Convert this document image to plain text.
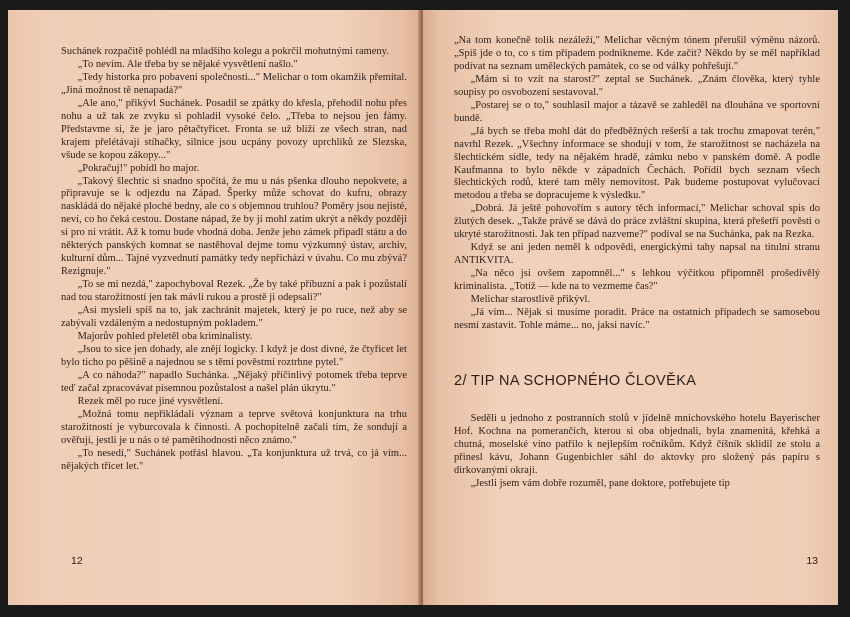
Suchánek rozpačitě pohlédl na mladšího kolegu a pokrčil mohutnými rameny.

„To nevím. Ale třeba by se nějaké vysvětlení našlo."

„Tedy historka pro pobavení společnosti..." Melichar o tom okamžik přemítal. „Jiná možnost tě nenapadá?"

„Ale ano," přikývl Suchánek. Posadil se zpátky do křesla, přehodil nohu přes nohu a už tak ze zvyku si pohladil vysoké čelo. „Třeba to nejsou jen fámy. Představme si, že je jaro pětačtyřicet. Fronta se už blíží ze všech stran, nad krajem přelétávají stíhačky, silnice jsou ucpány povozy uprchlíků ze Slezska, všude se kopou zákopy..."

„Pokračuj!" pobídl ho major.

„Takový šlechtic si snadno spočítá, že mu u nás pšenka dlouho nepokvete, a připravuje se k odjezdu na Západ. Šperky může schovat do kufru, obrazy naskládá do nějaké ploché bedny, ale co s objemnou truhlou? Poměry jsou nejisté, neví, co ho čeká cestou. Dostane nápad, že by jí mohl zatím ukrýt a někdy později si pro ni vrátit. Až k tomu bude vhodná doba. Jenže jeho zámek připadl státu a do některých panských komnat se nastěhoval dejme tomu výzkumný ústav, archiv, kulturní dům... Tajné vyzvednutí památky tedy nepřichází v úvahu. Co mu zbývá? Rezignuje."

„To se mi nezdá," zapochyboval Rezek. „Že by také příbuzní a pak i pozůstalí nad tou starožitností jen tak mávli rukou a prostě ji odepsali?"

„Asi mysleli spíš na to, jak zachránit majetek, který je po ruce, než aby se zabývali vzdáleným a nedostupným pokladem."

Majorův pohled přeletěl oba kriminalisty.

„Jsou to sice jen dohady, ale znějí logicky. I když je dost divné, že čtyřicet let bylo ticho po pěšině a najednou se s těmi pověstmi roztrhne pytel."

„A co náhoda?" napadlo Suchánka. „Nějaký příčinlivý potomek třeba teprve teď začal zpracovávat písemnou pozůstalost a našel plán úkrytu."

Rezek měl po ruce jiné vysvětlení.

„Možná tomu nepřikládali význam a teprve světová konjunktura na trhu starožitností je vyburcovala k činnosti. A pochopitelně začali tím, že sondují a ověřují, jestli je u nás o té pamětihodnosti něco známo."

„To nesedí," Suchánek potřásl hlavou. „Ta konjunktura už trvá, co já vím... nějakých třicet let."

12

„Na tom konečně tolik nezáleží," Melichar věcným tónem přerušil výměnu názorů. „Spíš jde o to, co s tím případem podnikneme. Kde začít? Někdo by se měl například podívat na seznam uměleckých památek, co se od války pohřešují."

„Mám si to vzít na starost?" zeptal se Suchánek. „Znám člověka, který tyhle soupisy po osvobození sestavoval."

„Postarej se o to," souhlasil major a tázavě se zahleděl na dlouhána ve sportovní bundě.

„Já bych se třeba mohl dát do předběžných rešerší a tak trochu zmapovat terén," navrhl Rezek. „Všechny informace se shodují v tom, že starožitnost se nacházela na šlechtickém sídle, tedy na nějakém hradě, zámku nebo v panském domě. A podle Kaufmanna to bylo někde v západních Čechách. Pořídil bych seznam všech šlechtických rodů, které tam měly nemovitost. Pak budeme postupovat vylučovací metodou a třeba se dopracujeme k výsledku."

„Dobrá. Já ještě pohovořím s autory těch informací," Melichar schoval spis do žlutých desek. „Takže právě se dává do práce zvláštní skupina, která přešetří pověsti o ukryté starožitnosti. Jak ten případ nazveme?" podíval se na Suchánka, pak na Rezka.

Když se ani jeden neměl k odpovědi, energickými tahy napsal na titulní stranu ANTIKVITA.

„Na něco jsi ovšem zapomněl..." s lehkou výčitkou připomněl prošedivělý kriminalista. „Totiž — kde na to vezmeme čas?"

Melichar starostlivě přikývl.

„Já vím... Nějak si musíme poradit. Práce na ostatních případech se samosebou nesmí zastavit. Tohle máme... no, jaksi navíc."

2/ TIP NA SCHOPNÉHO ČLOVĚKA

Seděli u jednoho z postranních stolů v jídelně mnichovského hotelu Bayerischer Hof. Kochna na pomerančích, kterou si oba objednali, byla znamenitá, křehká a chutná, moselské víno patřilo k nejlepším ročníkům. Když číšník sklidil ze stolu a přinesl kávu, Johann Gugenbichler sáhl do aktovky pro složený pás papíru s dirkovanými okraji.

„Jestli jsem vám dobře rozuměl, pane doktore, potřebujete tip

13
